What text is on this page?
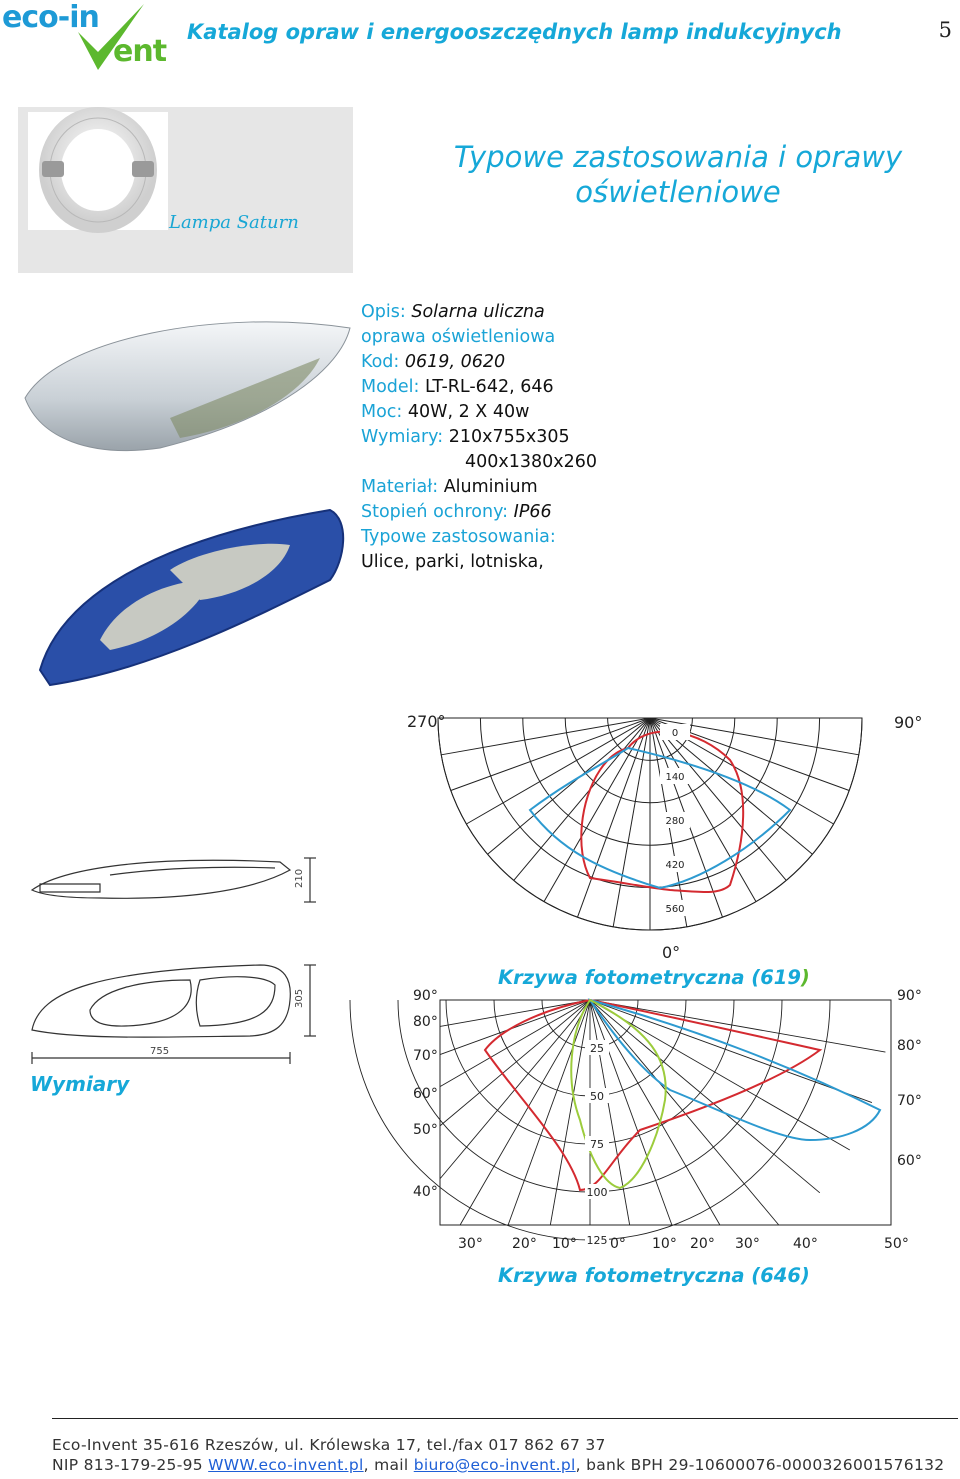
eco-in
ent
Katalog opraw i energooszczędnych lamp indukcyjnych	5
Lampa Saturn
Typowe zastosowania i oprawy oświetleniowe
Opis: Solarna uliczna
oprawa oświetleniowa
Kod: 0619, 0620
Model: LT-RL-642, 646
Moc: 40W, 2 X 40w
Wymiary: 210x755x305
400x1380x260
Materiał: Aluminium
Stopień ochrony: IP66
Typowe zastosowania:
Ulice, parki, lotniska,
210
305
755
Wymiary
270°	90°
0°
0
140
280
420
560
Krzywa fotometryczna (619)
90°
80°
70°
60°
50°
40°
90°
80°
70°
60°
30° 20° 10° 0° 10° 20° 30° 40°	50°
25
50
75
100
125
Krzywa fotometryczna (646)
Eco-Invent 35-616 Rzeszów, ul. Królewska 17, tel./fax 017 862 67 37
NIP 813-179-25-95 WWW.eco-invent.pl, mail biuro@eco-invent.pl, bank BPH 29-10600076-0000326001576132
